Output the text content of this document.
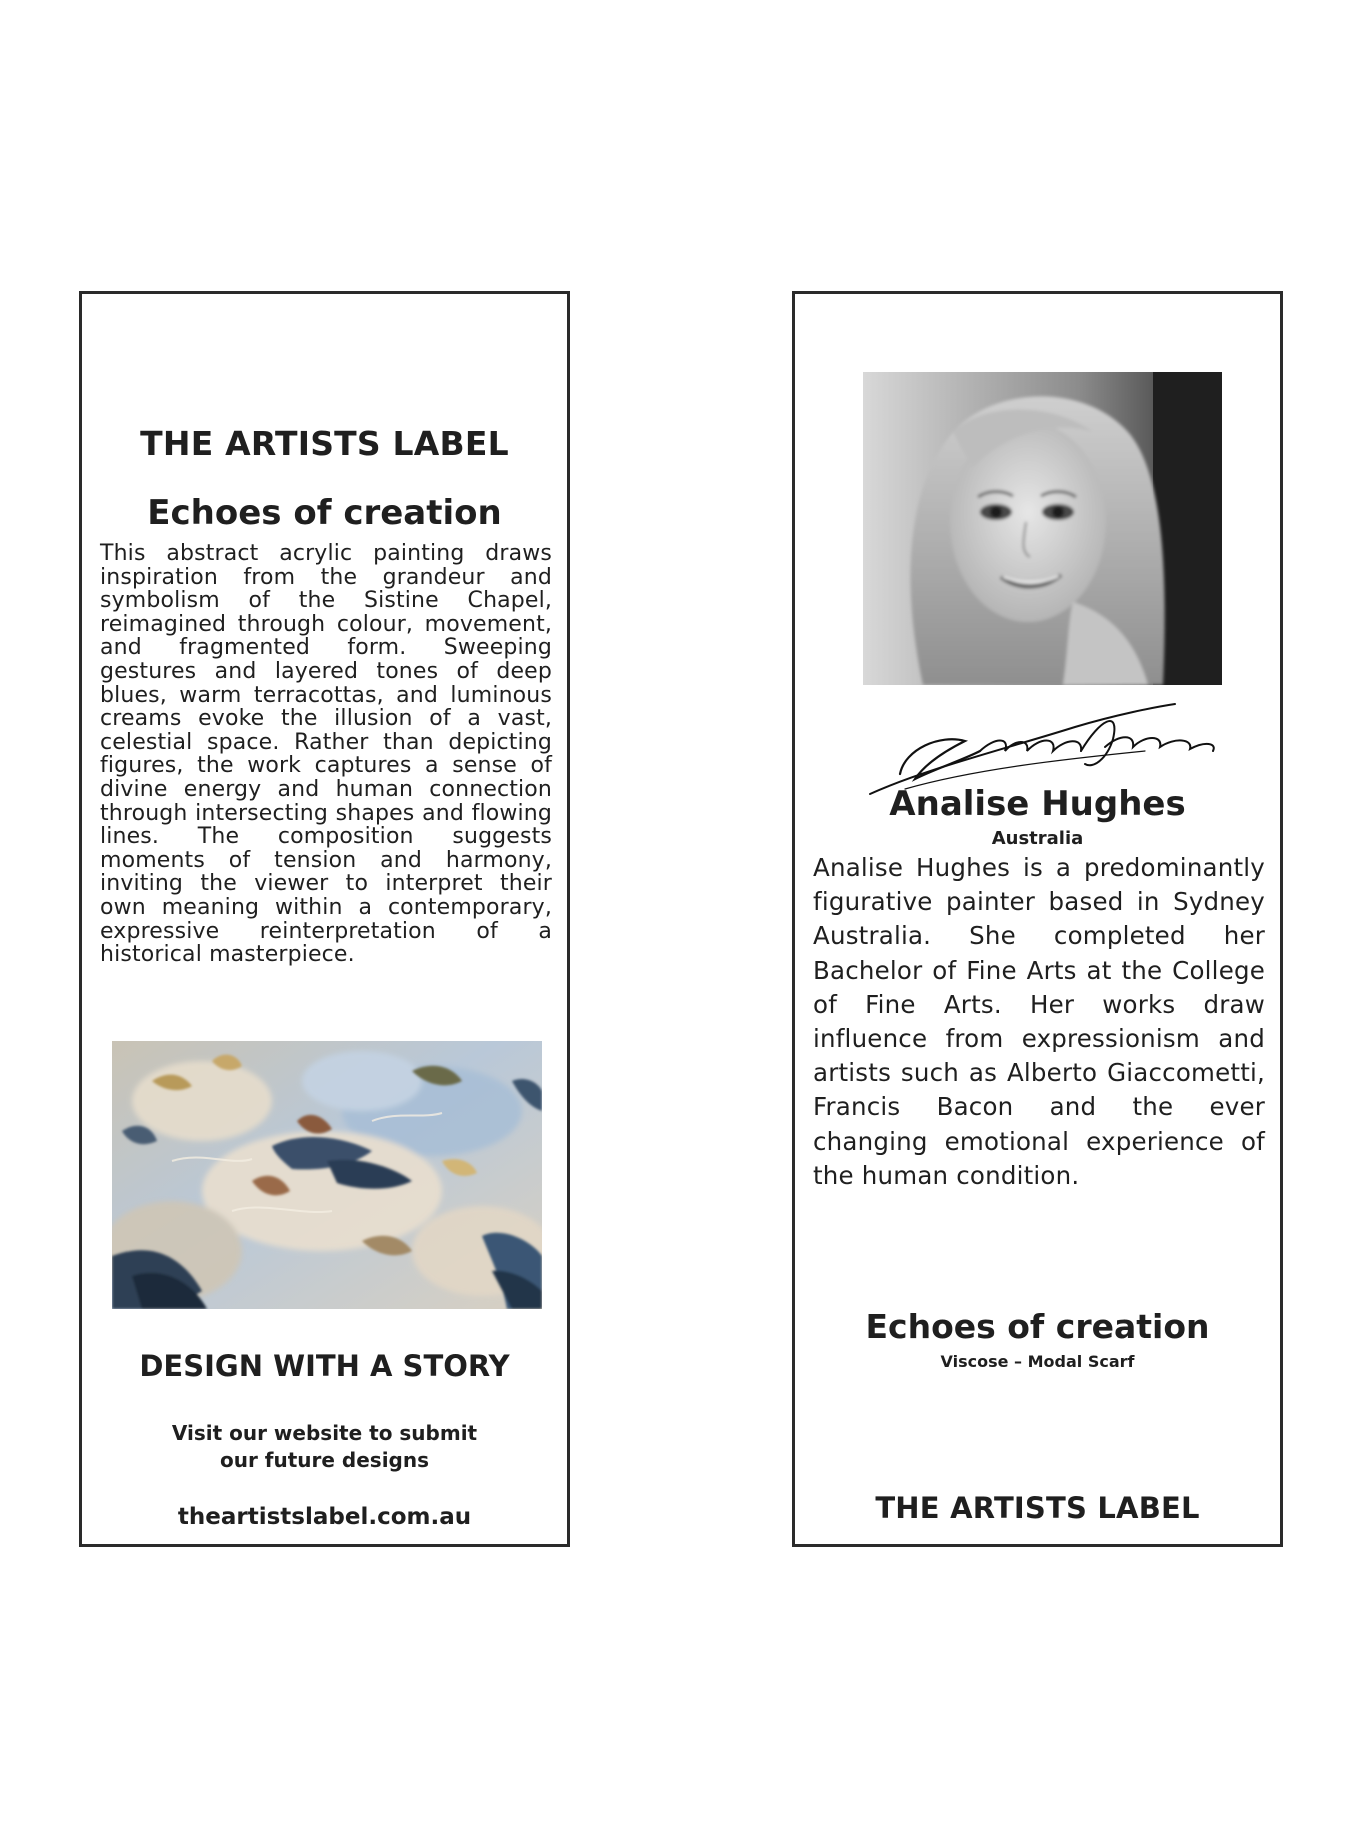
THE ARTISTS LABEL
Echoes of creation

This abstract acrylic painting draws inspiration from the grandeur and symbolism of the Sistine Chapel, reimagined through colour, movement, and fragmented form. Sweeping gestures and layered tones of deep blues, warm terracottas, and luminous creams evoke the illusion of a vast, celestial space. Rather than depicting figures, the work captures a sense of divine energy and human connection through intersecting shapes and flowing lines. The composition suggests moments of tension and harmony, inviting the viewer to interpret their own meaning within a contemporary, expressive reinterpretation of a historical masterpiece.

DESIGN WITH A STORY
Visit our website to submit
our future designs
theartistslabel.com.au
Analise Hughes
Australia

Analise Hughes is a predominantly figurative painter based in Sydney Australia. She completed her Bachelor of Fine Arts at the College of Fine Arts. Her works draw influence from expressionism and artists such as Alberto Giaccometti, Francis Bacon and the ever changing emotional experience of the human condition.

Echoes of creation
Viscose – Modal Scarf
THE ARTISTS LABEL
